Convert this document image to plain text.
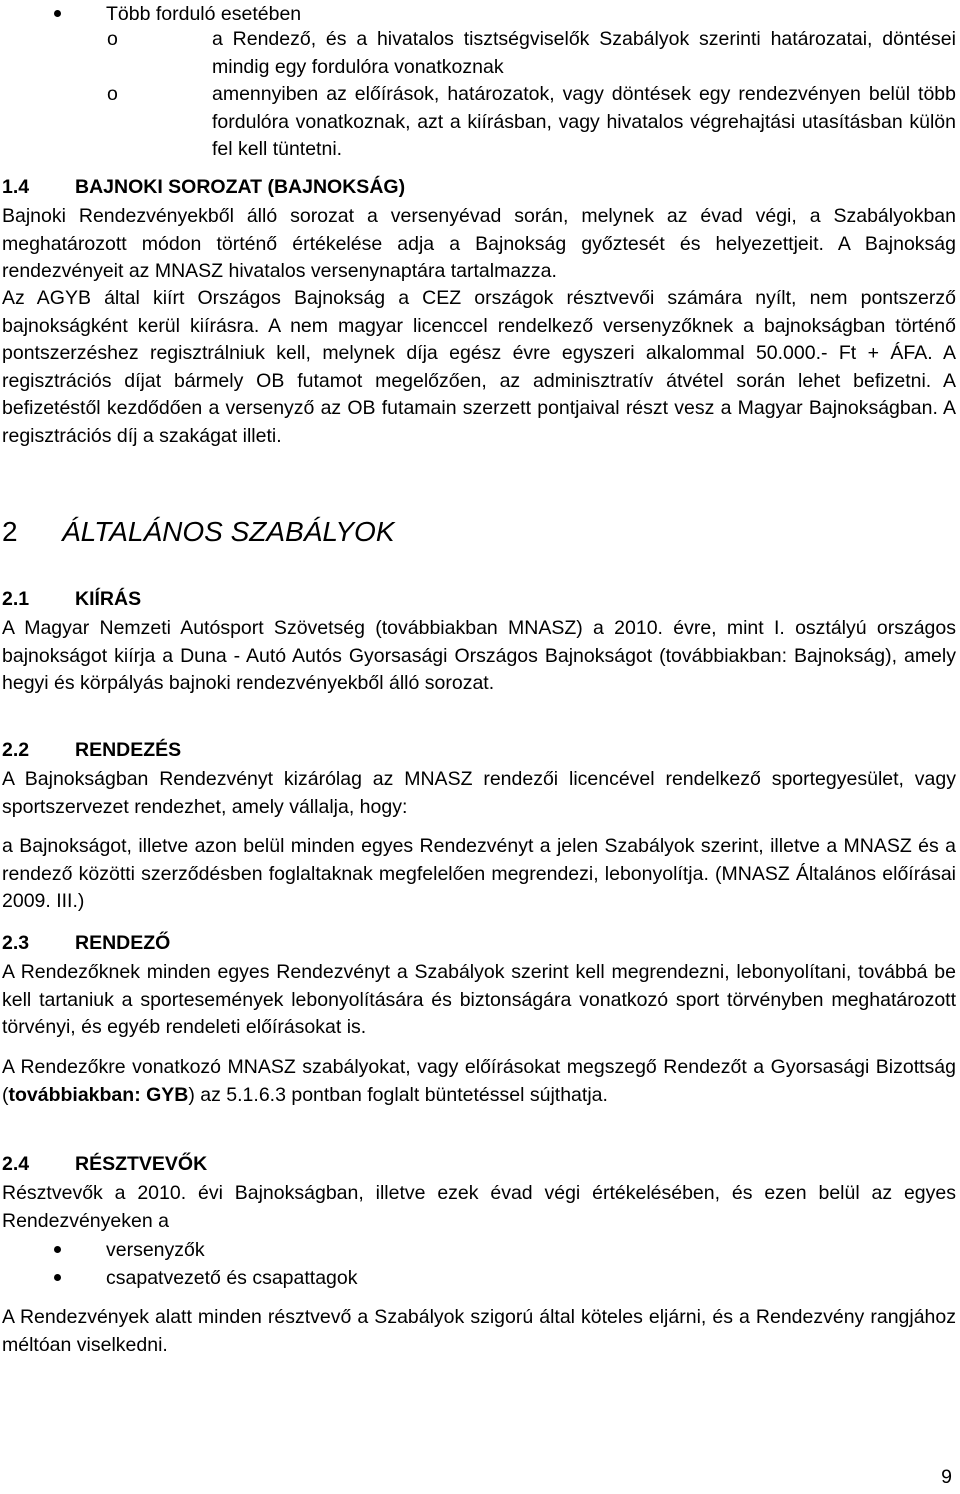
Több forduló esetében
o	a Rendező, és a hivatalos tisztségviselők Szabályok szerinti határozatai, döntései mindig egy fordulóra vonatkoznak
o	amennyiben az előírások, határozatok, vagy döntések egy rendezvényen belül több fordulóra vonatkoznak, azt a kiírásban, vagy hivatalos végrehajtási utasításban külön fel kell tüntetni.
1.4 BAJNOKI SOROZAT (BAJNOKSÁG)
Bajnoki Rendezvényekből álló sorozat a versenyévad során, melynek az évad végi, a Szabályokban meghatározott módon történő értékelése adja a Bajnokság győztesét és helyezettjeit. A Bajnokság rendezvényeit az MNASZ hivatalos versenynaptára tartalmazza.
Az AGYB által kiírt Országos Bajnokság a CEZ országok résztvevői számára nyílt, nem pontszerző bajnokságként kerül kiírásra. A nem magyar licenccel rendelkező versenyzőknek a bajnokságban történő pontszerzéshez regisztrálniuk kell, melynek díja egész évre egyszeri alkalommal 50.000.- Ft + ÁFA. A regisztrációs díjat bármely OB futamot megelőzően, az adminisztratív átvétel során lehet befizetni. A befizetéstől kezdődően a versenyző az OB futamain szerzett pontjaival részt vesz a Magyar Bajnokságban. A regisztrációs díj a szakágat illeti.
2 ÁLTALÁNOS SZABÁLYOK
2.1 KIÍRÁS
A Magyar Nemzeti Autósport Szövetség (továbbiakban MNASZ) a 2010. évre, mint I. osztályú országos bajnokságot kiírja a Duna - Autó Autós Gyorsasági Országos Bajnokságot (továbbiakban: Bajnokság), amely hegyi és körpályás bajnoki rendezvényekből álló sorozat.
2.2 RENDEZÉS
A Bajnokságban Rendezvényt kizárólag az MNASZ rendezői licencével rendelkező sportegyesület, vagy sportszervezet rendezhet, amely vállalja, hogy:
a Bajnokságot, illetve azon belül minden egyes Rendezvényt a jelen Szabályok szerint, illetve a MNASZ és a rendező közötti szerződésben foglaltaknak megfelelően megrendezi, lebonyolítja. (MNASZ Általános előírásai 2009. III.)
2.3 RENDEZŐ
A Rendezőknek minden egyes Rendezvényt a Szabályok szerint kell megrendezni, lebonyolítani, továbbá be kell tartaniuk a sportesemények lebonyolítására és biztonságára vonatkozó sport törvényben meghatározott törvényi, és egyéb rendeleti előírásokat is.
A Rendezőkre vonatkozó MNASZ szabályokat, vagy előírásokat megszegő Rendezőt a Gyorsasági Bizottság (továbbiakban: GYB) az 5.1.6.3 pontban foglalt büntetéssel sújthatja.
2.4 RÉSZTVEVŐK
Résztvevők a 2010. évi Bajnokságban, illetve ezek évad végi értékelésében, és ezen belül az egyes Rendezvényeken a
versenyzők
csapatvezető és csapattagok
A Rendezvények alatt minden résztvevő a Szabályok szigorú által köteles eljárni, és a Rendezvény rangjához méltóan viselkedni.
9
